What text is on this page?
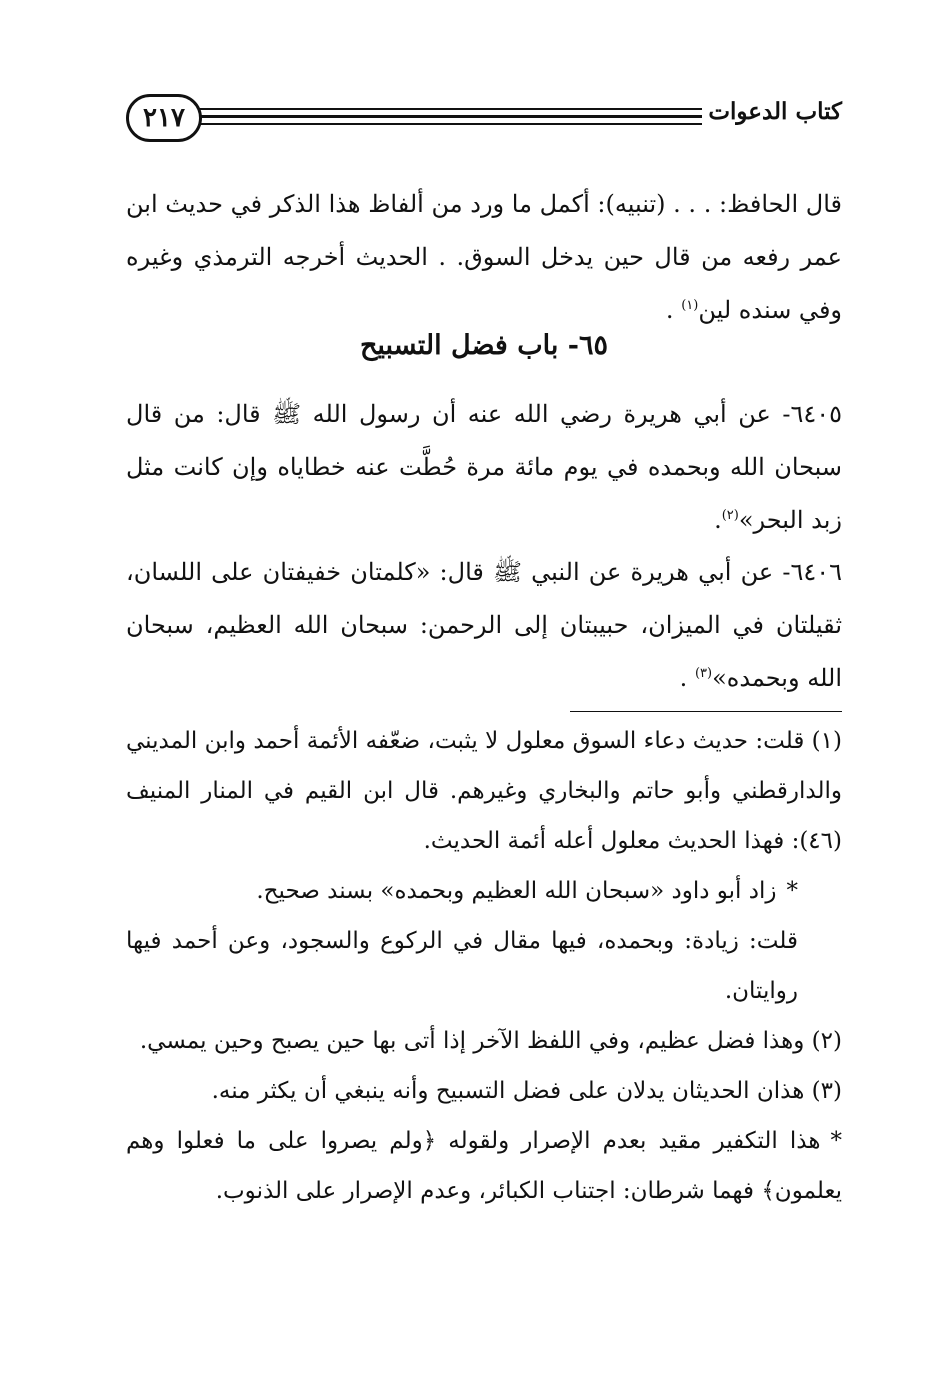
٢١٧	كتاب الدعوات

قال الحافظ: . . . (تنبيه): أكمل ما ورد من ألفاظ هذا الذكر في حديث ابن عمر رفعه من قال حين يدخل السوق. . الحديث أخرجه الترمذي وغيره وفي سنده لين$^{(١)}$ .

٦٥- باب فضل التسبيح

٦٤٠٥- عن أبي هريرة رضي الله عنه أن رسول الله ﷺ قال: من قال سبحان الله وبحمده في يوم مائة مرة حُطَّت عنه خطاياه وإن كانت مثل زبد البحر»$^{(٢)}$.

٦٤٠٦- عن أبي هريرة عن النبي ﷺ قال: «كلمتان خفيفتان على اللسان، ثقيلتان في الميزان، حبيبتان إلى الرحمن: سبحان الله العظيم، سبحان الله وبحمده»$^{(٣)}$ .

(١) قلت: حديث دعاء السوق معلول لا يثبت، ضعّفه الأئمة أحمد وابن المديني والدارقطني وأبو حاتم والبخاري وغيرهم. قال ابن القيم في المنار المنيف (٤٦): فهذا الحديث معلول أعله أئمة الحديث.
*زاد أبو داود «سبحان الله العظيم وبحمده» بسند صحيح.
قلت: زيادة: وبحمده، فيها مقال في الركوع والسجود، وعن أحمد فيها روايتان.
(٢) وهذا فضل عظيم، وفي اللفظ الآخر إذا أتى بها حين يصبح وحين يمسي.
(٣) هذان الحديثان يدلان على فضل التسبيح وأنه ينبغي أن يكثر منه.
*هذا التكفير مقيد بعدم الإصرار ولقوله ﴿ولم يصروا على ما فعلوا وهم يعلمون﴾ فهما شرطان: اجتناب الكبائر، وعدم الإصرار على الذنوب.
